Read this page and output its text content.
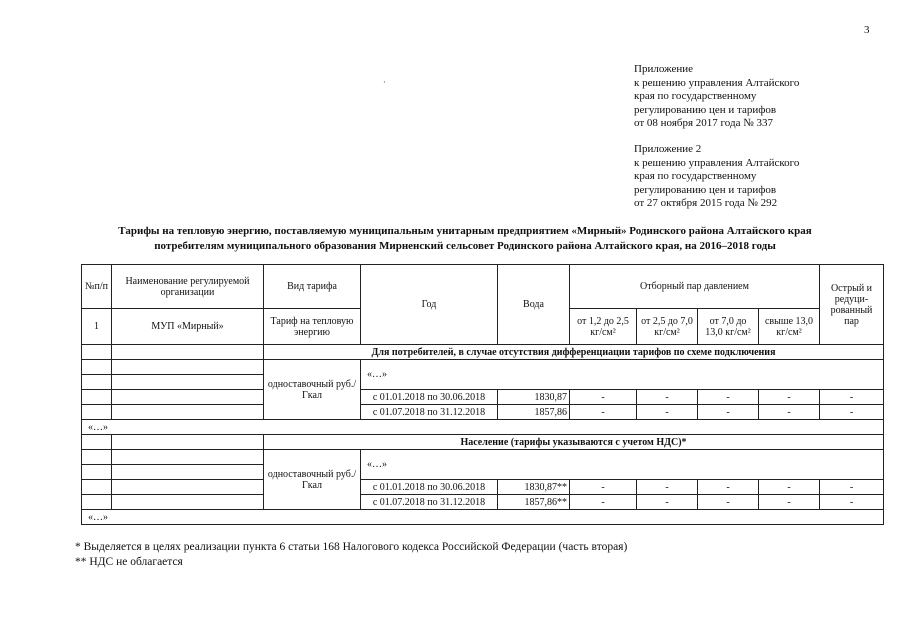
3
Приложение
к решению управления Алтайского
края по государственному
регулированию цен и тарифов
от 08 ноября 2017 года № 337
Приложение 2
к решению управления Алтайского
края по государственному
регулированию цен и тарифов
от 27 октября 2015 года № 292
·
Тарифы на тепловую энергию, поставляемую муниципальным унитарным предприятием «Мирный» Родинского района Алтайского края
потребителям муниципального образования Мирненский сельсовет Родинского района Алтайского края, на 2016–2018 годы
№п/п	Наименование регулируемой организации	Вид тарифа	Год	Вода	Отборный пар давлением				Острый и редуци-рованный пар
1	МУП «Мирный»	Тариф на тепловую энергию			от 1,2 до 2,5 кг/см²	от 2,5 до 7,0 кг/см²	от 7,0 до 13,0 кг/см²	свыше 13,0 кг/см²	
		Для потребителей, в случае отсутствия дифференциации тарифов по схеме подключения							
		одноставочный руб./Гкал	«…»						

			с 01.01.2018 по 30.06.2018	1830,87	-	-	-	-	-
			с 01.07.2018 по 31.12.2018	1857,86	-	-	-	-	-
«…»									
		Население (тарифы указываются с учетом НДС)*							
		одноставочный руб./Гкал	«…»						

			с 01.01.2018 по 30.06.2018	1830,87**	-	-	-	-	-
			с 01.07.2018 по 31.12.2018	1857,86**	-	-	-	-	-
«…»									
* Выделяется в целях реализации пункта 6 статьи 168 Налогового кодекса Российской Федерации (часть вторая)
** НДС не облагается
